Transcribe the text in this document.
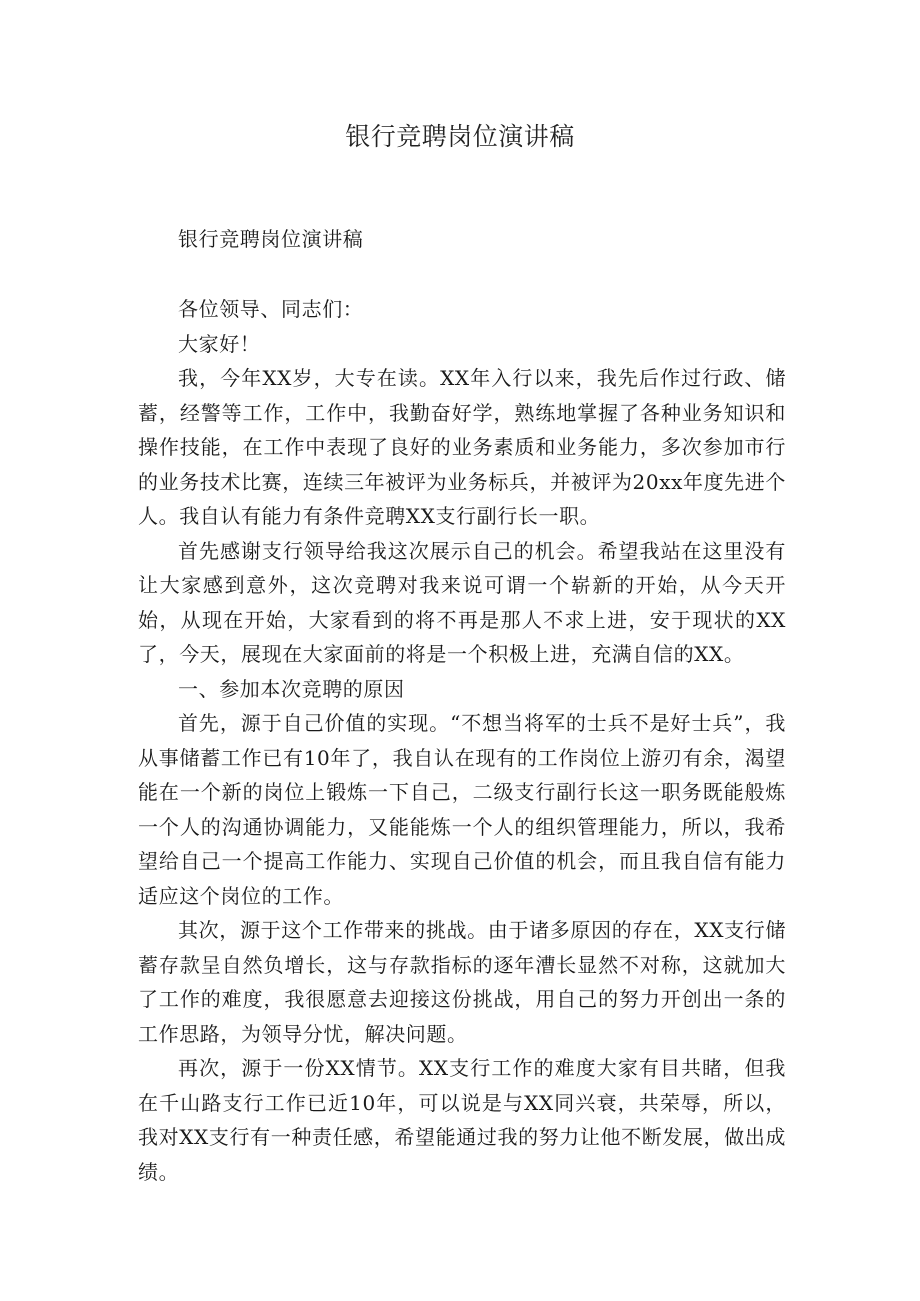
银行竞聘岗位演讲稿

银行竞聘岗位演讲稿

各位领导、同志们：

大家好！

我，今年XX岁，大专在读。XX年入行以来，我先后作过行政、储蓄，经警等工作，工作中，我勤奋好学，熟练地掌握了各种业务知识和操作技能，在工作中表现了良好的业务素质和业务能力，多次参加市行的业务技术比赛，连续三年被评为业务标兵，并被评为20xx年度先进个人。我自认有能力有条件竞聘XX支行副行长一职。

首先感谢支行领导给我这次展示自己的机会。希望我站在这里没有让大家感到意外，这次竞聘对我来说可谓一个崭新的开始，从今天开始，从现在开始，大家看到的将不再是那人不求上进，安于现状的XX了，今天，展现在大家面前的将是一个积极上进，充满自信的XX。

一、参加本次竞聘的原因

首先，源于自己价值的实现。“不想当将军的士兵不是好士兵”，我从事储蓄工作已有10年了，我自认在现有的工作岗位上游刃有余，渴望能在一个新的岗位上锻炼一下自己，二级支行副行长这一职务既能般炼一个人的沟通协调能力，又能能炼一个人的组织管理能力，所以，我希望给自己一个提高工作能力、实现自己价值的机会，而且我自信有能力适应这个岗位的工作。

其次，源于这个工作带来的挑战。由于诸多原因的存在，XX支行储蓄存款呈自然负增长，这与存款指标的逐年漕长显然不对称，这就加大了工作的难度，我很愿意去迎接这份挑战，用自己的努力开创出一条的工作思路，为领导分忧，解决问题。

再次，源于一份XX情节。XX支行工作的难度大家有目共睹，但我在千山路支行工作已近10年，可以说是与XX同兴衰，共荣辱，所以，我对XX支行有一种责任感，希望能通过我的努力让他不断发展，做出成绩。
